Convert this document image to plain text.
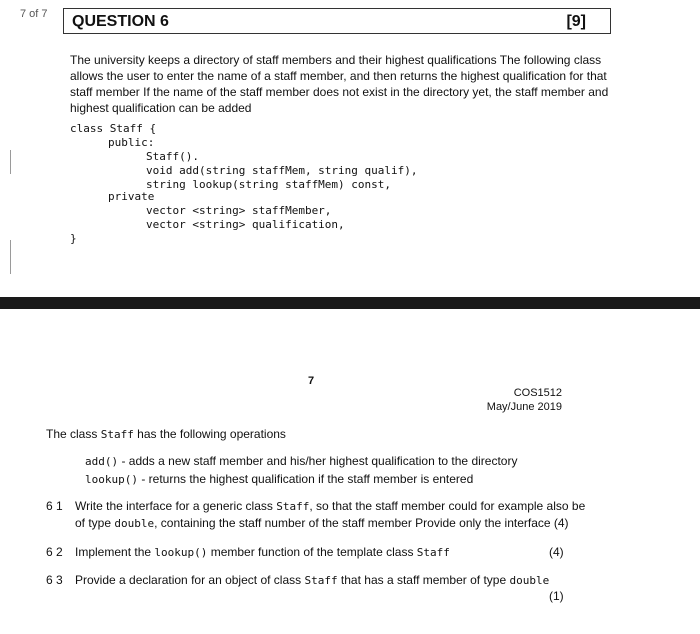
7 of 7 QUESTION 6	[9]

The university keeps a directory of staff members and their highest qualifications The following class allows the user to enter the name of a staff member, and then returns the highest qualification for that staff member If the name of the staff member does not exist in the directory yet, the staff member and highest qualification can be added

class Staff {
public:
Staff().
void add(string staffMem, string qualif),
string lookup(string staffMem) const,
private
vector <string> staffMember,
vector <string> qualification,
}
7
COS1512
May/June 2019
The class Staff has the following operations
add() - adds a new staff member and his/her highest qualification to the directory
lookup() - returns the highest qualification if the staff member is entered
6 1 Write the interface for a generic class Staff, so that the staff member could for example also be
of type double, containing the staff number of the staff member Provide only the interface (4)
6 2 Implement the lookup() member function of the template class Staff	(4)
6 3 Provide a declaration for an object of class Staff that has a staff member of type double
(1)
